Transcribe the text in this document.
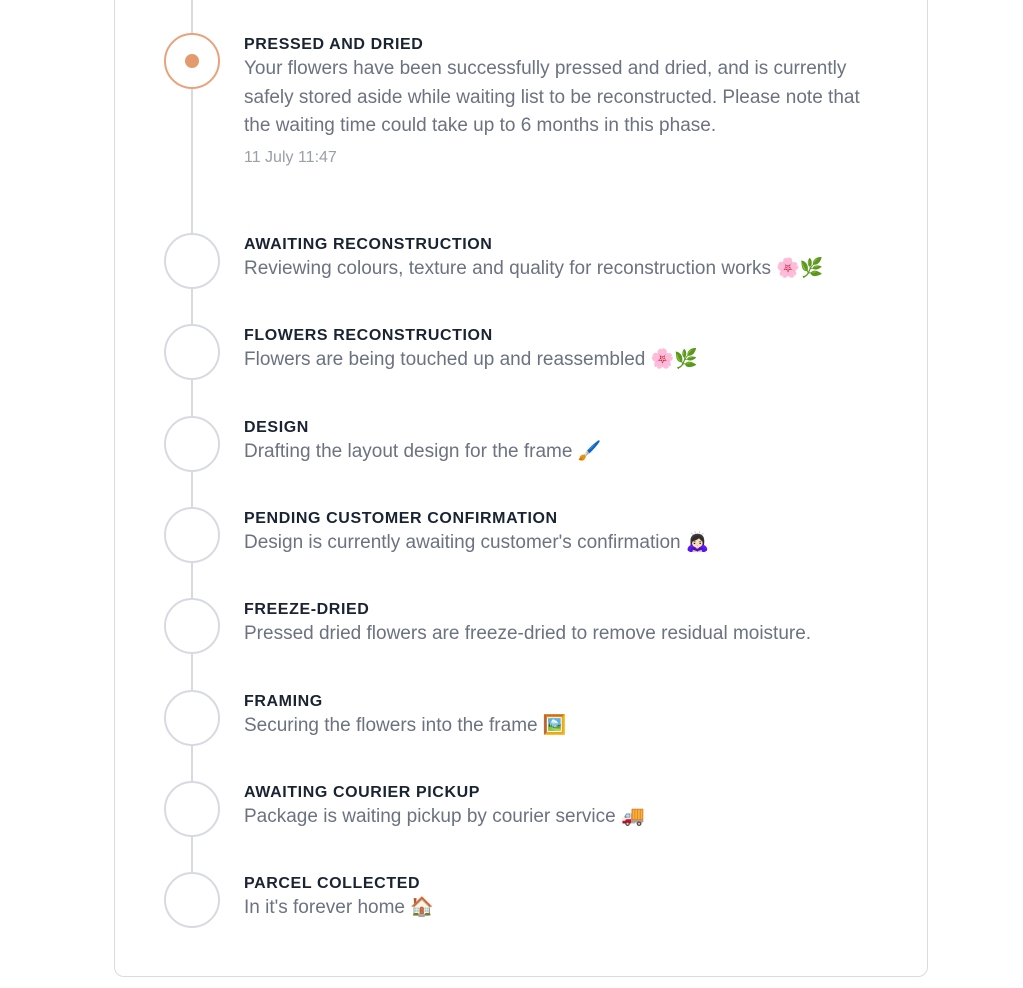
PRESSED AND DRIED

Your flowers have been successfully pressed and dried, and is currently safely stored aside while waiting list to be reconstructed. Please note that the waiting time could take up to 6 months in this phase.

11 July 11:47

AWAITING RECONSTRUCTION

Reviewing colours, texture and quality for reconstruction works 🌸🌿

FLOWERS RECONSTRUCTION

Flowers are being touched up and reassembled 🌸🌿

DESIGN

Drafting the layout design for the frame 🖌️

PENDING CUSTOMER CONFIRMATION

Design is currently awaiting customer's confirmation 🙇🏻‍♀️

FREEZE-DRIED

Pressed dried flowers are freeze-dried to remove residual moisture.

FRAMING

Securing the flowers into the frame 🖼️

AWAITING COURIER PICKUP

Package is waiting pickup by courier service 🚚

PARCEL COLLECTED

In it's forever home 🏠
